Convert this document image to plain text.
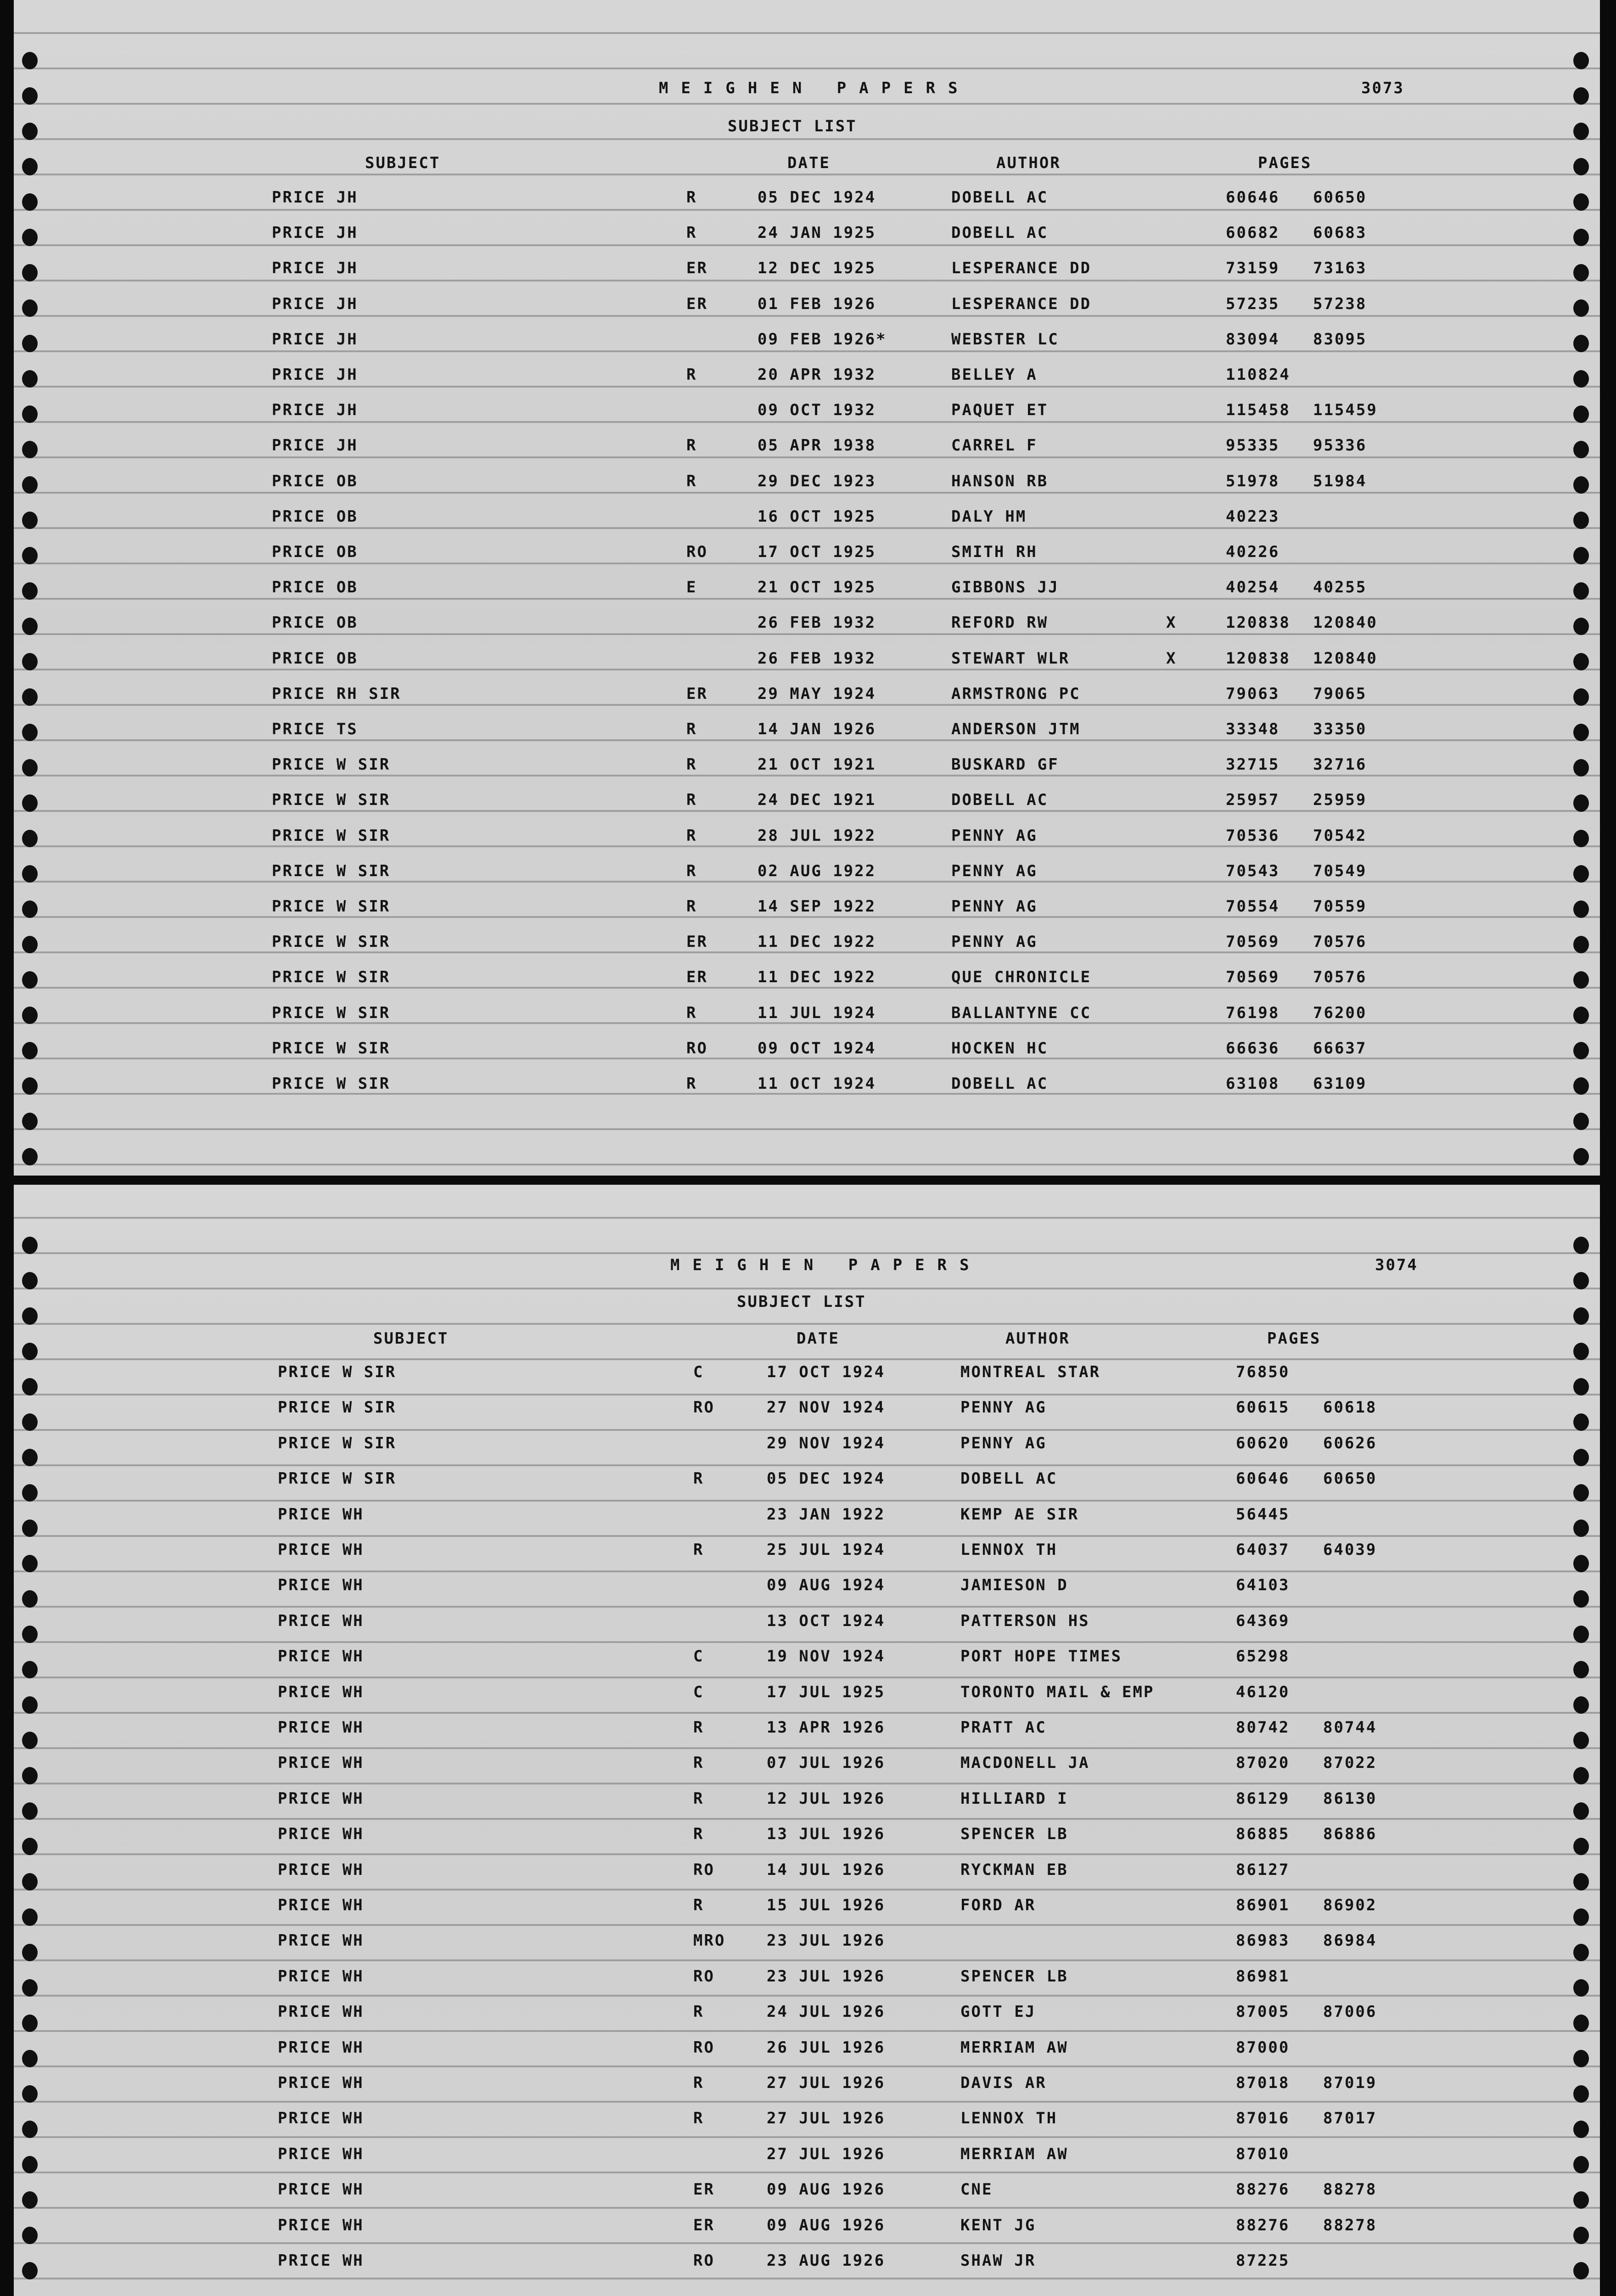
MEIGHEN PAPERS	3073
SUBJECT LIST
SUBJECT	DATE	AUTHOR	PAGES
PRICE JH	R	05 DEC 1924	DOBELL AC	60646 60650
PRICE JH	R	24 JAN 1925	DOBELL AC	60682 60683
PRICE JH	ER	12 DEC 1925	LESPERANCE DD	73159 73163
PRICE JH	ER	01 FEB 1926	LESPERANCE DD	57235 57238
PRICE JH	09 FEB 1926*	WEBSTER LC	83094 83095
PRICE JH	R	20 APR 1932	BELLEY A	110824
PRICE JH	09 OCT 1932	PAQUET ET	115458 115459
PRICE JH	R	05 APR 1938	CARREL F	95335 95336
PRICE OB	R	29 DEC 1923	HANSON RB	51978 51984
PRICE OB	16 OCT 1925	DALY HM	40223
PRICE OB	RO	17 OCT 1925	SMITH RH	40226
PRICE OB	E	21 OCT 1925	GIBBONS JJ	40254 40255
PRICE OB	26 FEB 1932	REFORD RW	X	120838 120840
PRICE OB	26 FEB 1932	STEWART WLR	X	120838 120840
PRICE RH SIR	ER	29 MAY 1924	ARMSTRONG PC	79063 79065
PRICE TS	R	14 JAN 1926	ANDERSON JTM	33348 33350
PRICE W SIR	R	21 OCT 1921	BUSKARD GF	32715 32716
PRICE W SIR	R	24 DEC 1921	DOBELL AC	25957 25959
PRICE W SIR	R	28 JUL 1922	PENNY AG	70536 70542
PRICE W SIR	R	02 AUG 1922	PENNY AG	70543 70549
PRICE W SIR	R	14 SEP 1922	PENNY AG	70554 70559
PRICE W SIR	ER	11 DEC 1922	PENNY AG	70569 70576
PRICE W SIR	ER	11 DEC 1922	QUE CHRONICLE	70569 70576
PRICE W SIR	R	11 JUL 1924	BALLANTYNE CC	76198 76200
PRICE W SIR	RO	09 OCT 1924	HOCKEN HC	66636 66637
PRICE W SIR	R	11 OCT 1924	DOBELL AC	63108 63109
MEIGHEN PAPERS	3074
SUBJECT LIST
SUBJECT	DATE	AUTHOR	PAGES
PRICE W SIR	C	17 OCT 1924	MONTREAL STAR	76850
PRICE W SIR	RO	27 NOV 1924	PENNY AG	60615 60618
PRICE W SIR	29 NOV 1924	PENNY AG	60620 60626
PRICE W SIR	R	05 DEC 1924	DOBELL AC	60646 60650
PRICE WH	23 JAN 1922	KEMP AE SIR	56445
PRICE WH	R	25 JUL 1924	LENNOX TH	64037 64039
PRICE WH	09 AUG 1924	JAMIESON D	64103
PRICE WH	13 OCT 1924	PATTERSON HS	64369
PRICE WH	C	19 NOV 1924	PORT HOPE TIMES	65298
PRICE WH	C	17 JUL 1925	TORONTO MAIL & EMP	46120
PRICE WH	R	13 APR 1926	PRATT AC	80742 80744
PRICE WH	R	07 JUL 1926	MACDONELL JA	87020 87022
PRICE WH	R	12 JUL 1926	HILLIARD I	86129 86130
PRICE WH	R	13 JUL 1926	SPENCER LB	86885 86886
PRICE WH	RO	14 JUL 1926	RYCKMAN EB	86127
PRICE WH	R	15 JUL 1926	FORD AR	86901 86902
PRICE WH	MRO	23 JUL 1926	86983 86984
PRICE WH	RO	23 JUL 1926	SPENCER LB	86981
PRICE WH	R	24 JUL 1926	GOTT EJ	87005 87006
PRICE WH	RO	26 JUL 1926	MERRIAM AW	87000
PRICE WH	R	27 JUL 1926	DAVIS AR	87018 87019
PRICE WH	R	27 JUL 1926	LENNOX TH	87016 87017
PRICE WH	27 JUL 1926	MERRIAM AW	87010
PRICE WH	ER	09 AUG 1926	CNE	88276 88278
PRICE WH	ER	09 AUG 1926	KENT JG	88276 88278
PRICE WH	RO	23 AUG 1926	SHAW JR	87225
